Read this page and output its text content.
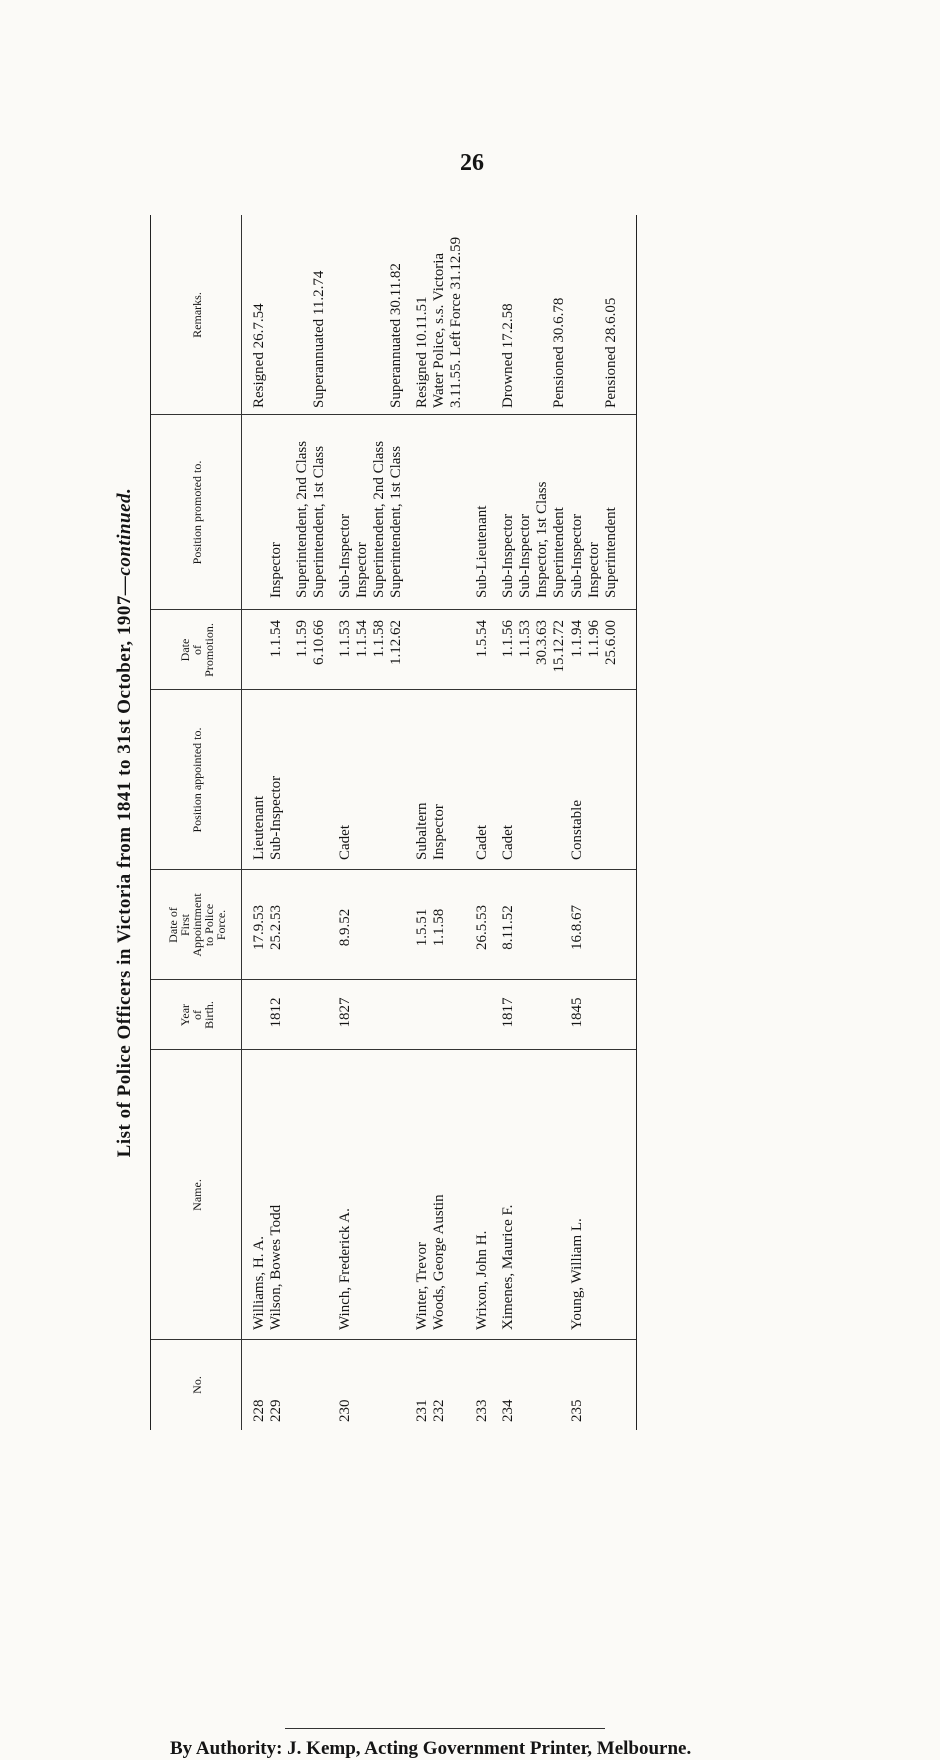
26
List of Police Officers in Victoria from 1841 to 31st October, 1907—continued.
No.
Name.
Year
of
Birth.
Date of
First
Appointment
to Police
Force.
Position appointed to.
Date
of
Promotion.
Position promoted to.
Remarks.
228
Williams, H. A.
17.9.53
Lieutenant
Resigned 26.7.54
229
Wilson, Bowes Todd
1812
25.2.53
Sub-Inspector
1.1.54
Inspector
1.1.59
Superintendent, 2nd Class
6.10.66
Superintendent, 1st Class
Superannuated 11.2.74
230
Winch, Frederick A.
1827
8.9.52
Cadet
1.1.53
Sub-Inspector
1.1.54
Inspector
1.1.58
Superintendent, 2nd Class
1.12.62
Superintendent, 1st Class
Superannuated 30.11.82
231
Winter, Trevor
1.5.51
Subaltern
Resigned 10.11.51
232
Woods, George Austin
1.1.58
Inspector
Water Police, s.s. Victoria 3.11.55. Left Force 31.12.59
233
Wrixon, John H.
26.5.53
Cadet
1.5.54
Sub-Lieutenant
234
Ximenes, Maurice F.
1817
8.11.52
Cadet
1.1.56
Sub-Inspector
Drowned 17.2.58
1.1.53
Sub-Inspector
30.3.63
Inspector, 1st Class
15.12.72
Superintendent
Pensioned 30.6.78
235
Young, William L.
1845
16.8.67
Constable
1.1.94
Sub-Inspector
1.1.96
Inspector
25.6.00
Superintendent
Pensioned 28.6.05
By Authority: J. Kemp, Acting Government Printer, Melbourne.
